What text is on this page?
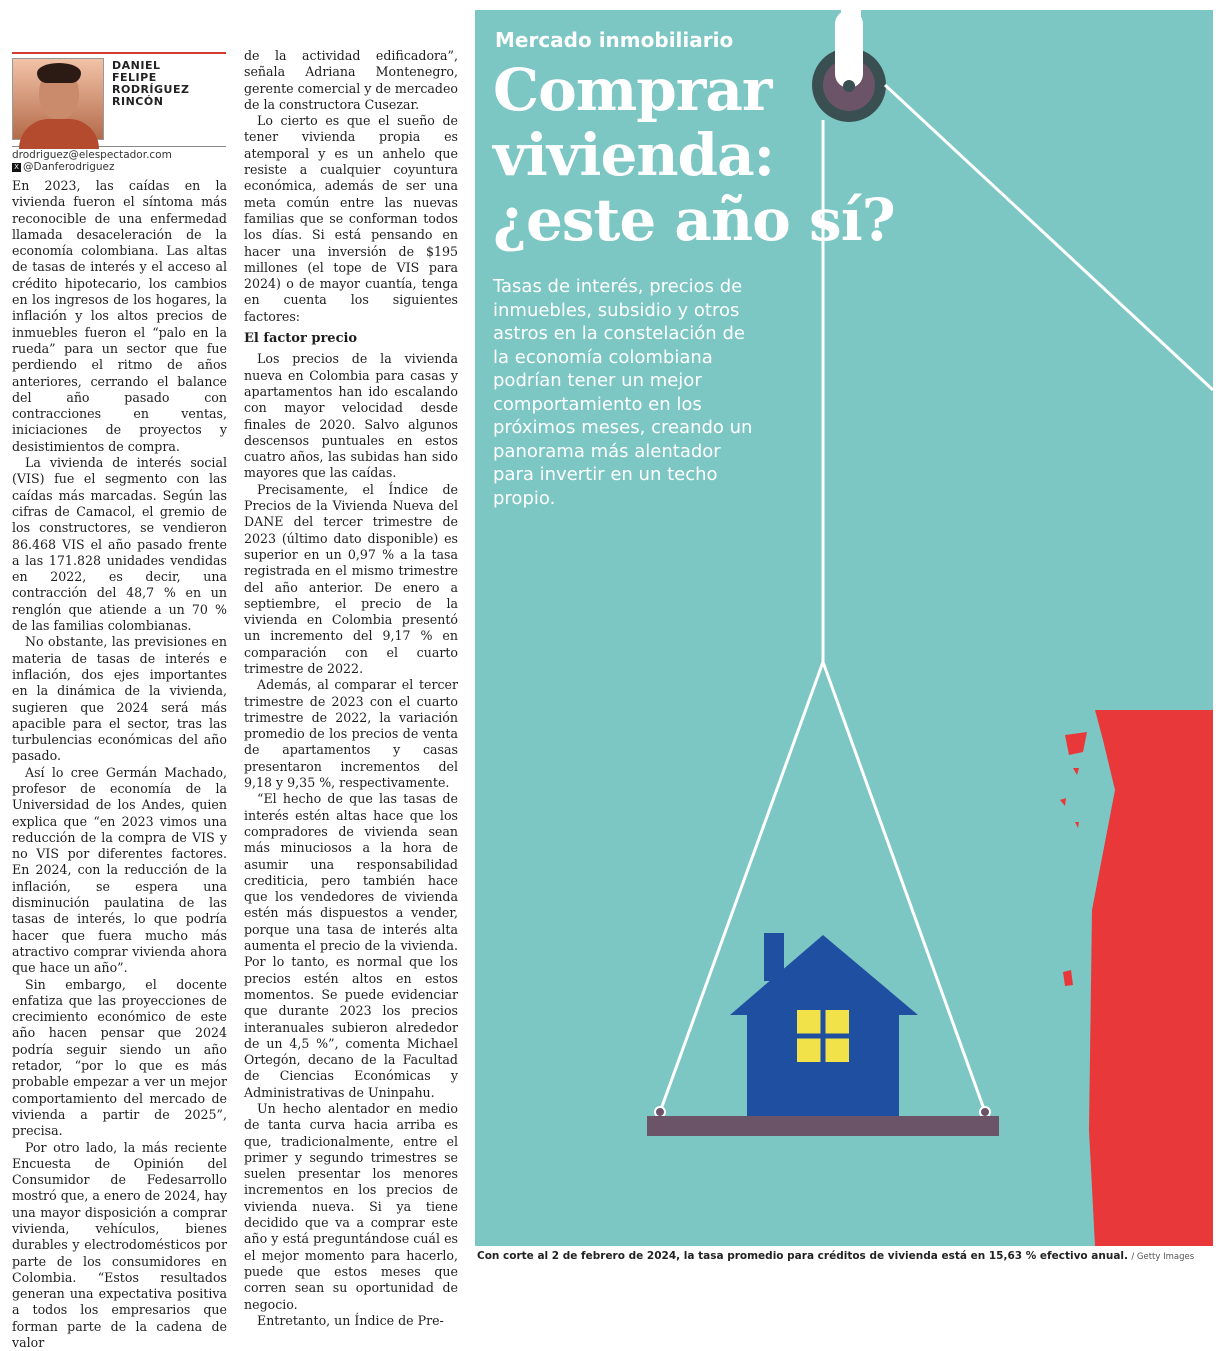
DANIEL
FELIPE
RODRÍGUEZ
RINCÓN
drodriguez@elespectador.com
X @Danferodriguez

En 2023, las caídas en la vivienda fueron el síntoma más reconocible de una enfermedad llamada desaceleración de la economía colombiana. Las altas de tasas de interés y el acceso al crédito hipotecario, los cambios en los ingresos de los hogares, la inflación y los altos precios de inmuebles fueron el “palo en la rueda” para un sector que fue perdiendo el ritmo de años anteriores, cerrando el balance del año pasado con contracciones en ventas, iniciaciones de proyectos y desistimientos de compra.

La vivienda de interés social (VIS) fue el segmento con las caídas más marcadas. Según las cifras de Camacol, el gremio de los constructores, se vendieron 86.468 VIS el año pasado frente a las 171.828 unidades vendidas en 2022, es decir, una contracción del 48,7 % en un renglón que atiende a un 70 % de las familias colombianas.

No obstante, las previsiones en materia de tasas de interés e inflación, dos ejes importantes en la dinámica de la vivienda, sugieren que 2024 será más apacible para el sector, tras las turbulencias económicas del año pasado.

Así lo cree Germán Machado, profesor de economía de la Universidad de los Andes, quien explica que “en 2023 vimos una reducción de la compra de VIS y no VIS por diferentes factores. En 2024, con la reducción de la inflación, se espera una disminución paulatina de las tasas de interés, lo que podría hacer que fuera mucho más atractivo comprar vivienda ahora que hace un año”.

Sin embargo, el docente enfatiza que las proyecciones de crecimiento económico de este año hacen pensar que 2024 podría seguir siendo un año retador, “por lo que es más probable empezar a ver un mejor comportamiento del mercado de vivienda a partir de 2025”, precisa.

Por otro lado, la más reciente Encuesta de Opinión del Consumidor de Fedesarrollo mostró que, a enero de 2024, hay una mayor disposición a comprar vivienda, vehículos, bienes durables y electrodomésticos por parte de los consumidores en Colombia. “Estos resultados generan una expectativa positiva a todos los empresarios que forman parte de la cadena de valor

de la actividad edificadora”, señala Adriana Montenegro, gerente comercial y de mercadeo de la constructora Cusezar.

Lo cierto es que el sueño de tener vivienda propia es atemporal y es un anhelo que resiste a cualquier coyuntura económica, además de ser una meta común entre las nuevas familias que se conforman todos los días. Si está pensando en hacer una inversión de $195 millones (el tope de VIS para 2024) o de mayor cuantía, tenga en cuenta los siguientes factores:

El factor precio

Los precios de la vivienda nueva en Colombia para casas y apartamentos han ido escalando con mayor velocidad desde finales de 2020. Salvo algunos descensos puntuales en estos cuatro años, las subidas han sido mayores que las caídas.

Precisamente, el Índice de Precios de la Vivienda Nueva del DANE del tercer trimestre de 2023 (último dato disponible) es superior en un 0,97 % a la tasa registrada en el mismo trimestre del año anterior. De enero a septiembre, el precio de la vivienda en Colombia presentó un incremento del 9,17 % en comparación con el cuarto trimestre de 2022.

Además, al comparar el tercer trimestre de 2023 con el cuarto trimestre de 2022, la variación promedio de los precios de venta de apartamentos y casas presentaron incrementos del 9,18 y 9,35 %, respectivamente.

“El hecho de que las tasas de interés estén altas hace que los compradores de vivienda sean más minuciosos a la hora de asumir una responsabilidad crediticia, pero también hace que los vendedores de vivienda estén más dispuestos a vender, porque una tasa de interés alta aumenta el precio de la vivienda. Por lo tanto, es normal que los precios estén altos en estos momentos. Se puede evidenciar que durante 2023 los precios interanuales subieron alrededor de un 4,5 %”, comenta Michael Ortegón, decano de la Facultad de Ciencias Económicas y Administrativas de Uninpahu.

Un hecho alentador en medio de tanta curva hacia arriba es que, tradicionalmente, entre el primer y segundo trimestres se suelen presentar los menores incrementos en los precios de vivienda nueva. Si ya tiene decidido que va a comprar este año y está preguntándose cuál es el mejor momento para hacerlo, puede que estos meses que corren sean su oportunidad de negocio.

Entretanto, un Índice de Pre-

Mercado inmobiliario
Comprar
vivienda:
¿este año sí?
Tasas de interés, precios de inmuebles, subsidio y otros astros en la constelación de la economía colombiana podrían tener un mejor comportamiento en los próximos meses, creando un panorama más alentador para invertir en un techo propio.
Con corte al 2 de febrero de 2024, la tasa promedio para créditos de vivienda está en 15,63 % efectivo anual. / Getty Images
